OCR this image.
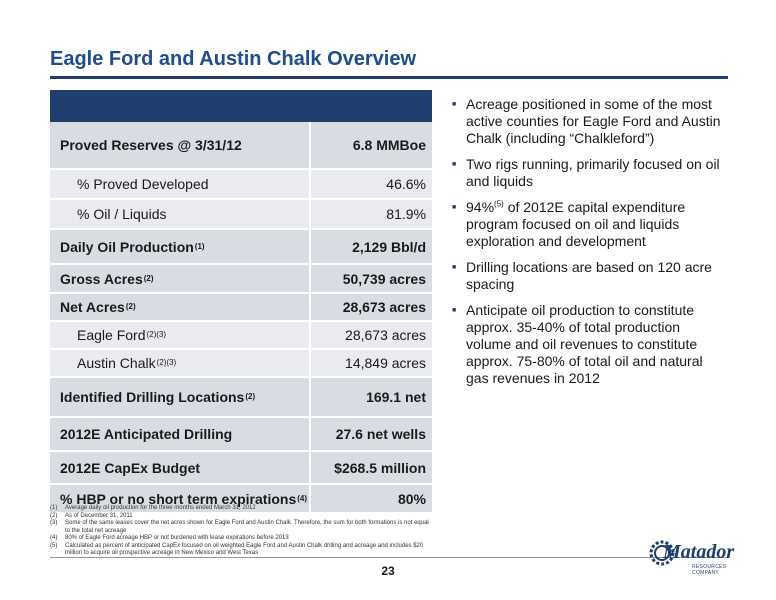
Eagle Ford and Austin Chalk Overview
Proved Reserves @ 3/31/12	6.8 MMBoe
% Proved Developed	46.6%
% Oil / Liquids	81.9%
Daily Oil Production (1)	2,129 Bbl/d
Gross Acres (2)	50,739 acres
Net Acres (2)	28,673 acres
Eagle Ford (2)(3)	28,673 acres
Austin Chalk (2)(3)	14,849 acres
Identified Drilling Locations (2)	169.1 net
2012E Anticipated Drilling	27.6 net wells
2012E CapEx Budget	$268.5 million
% HBP or no short term expirations (4)	80%
(1)	Average daily oil production for the three months ended March 31, 2012
(2)	As of December 31, 2011
(3)	Some of the same leases cover the net acres shown for Eagle Ford and Austin Chalk. Therefore, the sum for both formations is not equal to the total net acreage
(4)	80% of Eagle Ford acreage HBP or not burdened with lease expirations before 2013
(5)	Calculated as percent of anticipated CapEx focused on oil weighted Eagle Ford and Austin Chalk drilling and acreage and includes $20 million to acquire oil prospective acreage in New Mexico and West Texas
■ Acreage positioned in some of the most active counties for Eagle Ford and Austin Chalk (including “Chalkleford”)
■ Two rigs running, primarily focused on oil and liquids
■ 94%$^{(5)}$ of 2012E capital expenditure program focused on oil and liquids exploration and development
■ Drilling locations are based on 120 acre spacing
■ Anticipate oil production to constitute approx. 35-40% of total production volume and oil revenues to constitute approx. 75-80% of total oil and natural gas revenues in 2012
23
Matador
RESOURCES COMPANY
